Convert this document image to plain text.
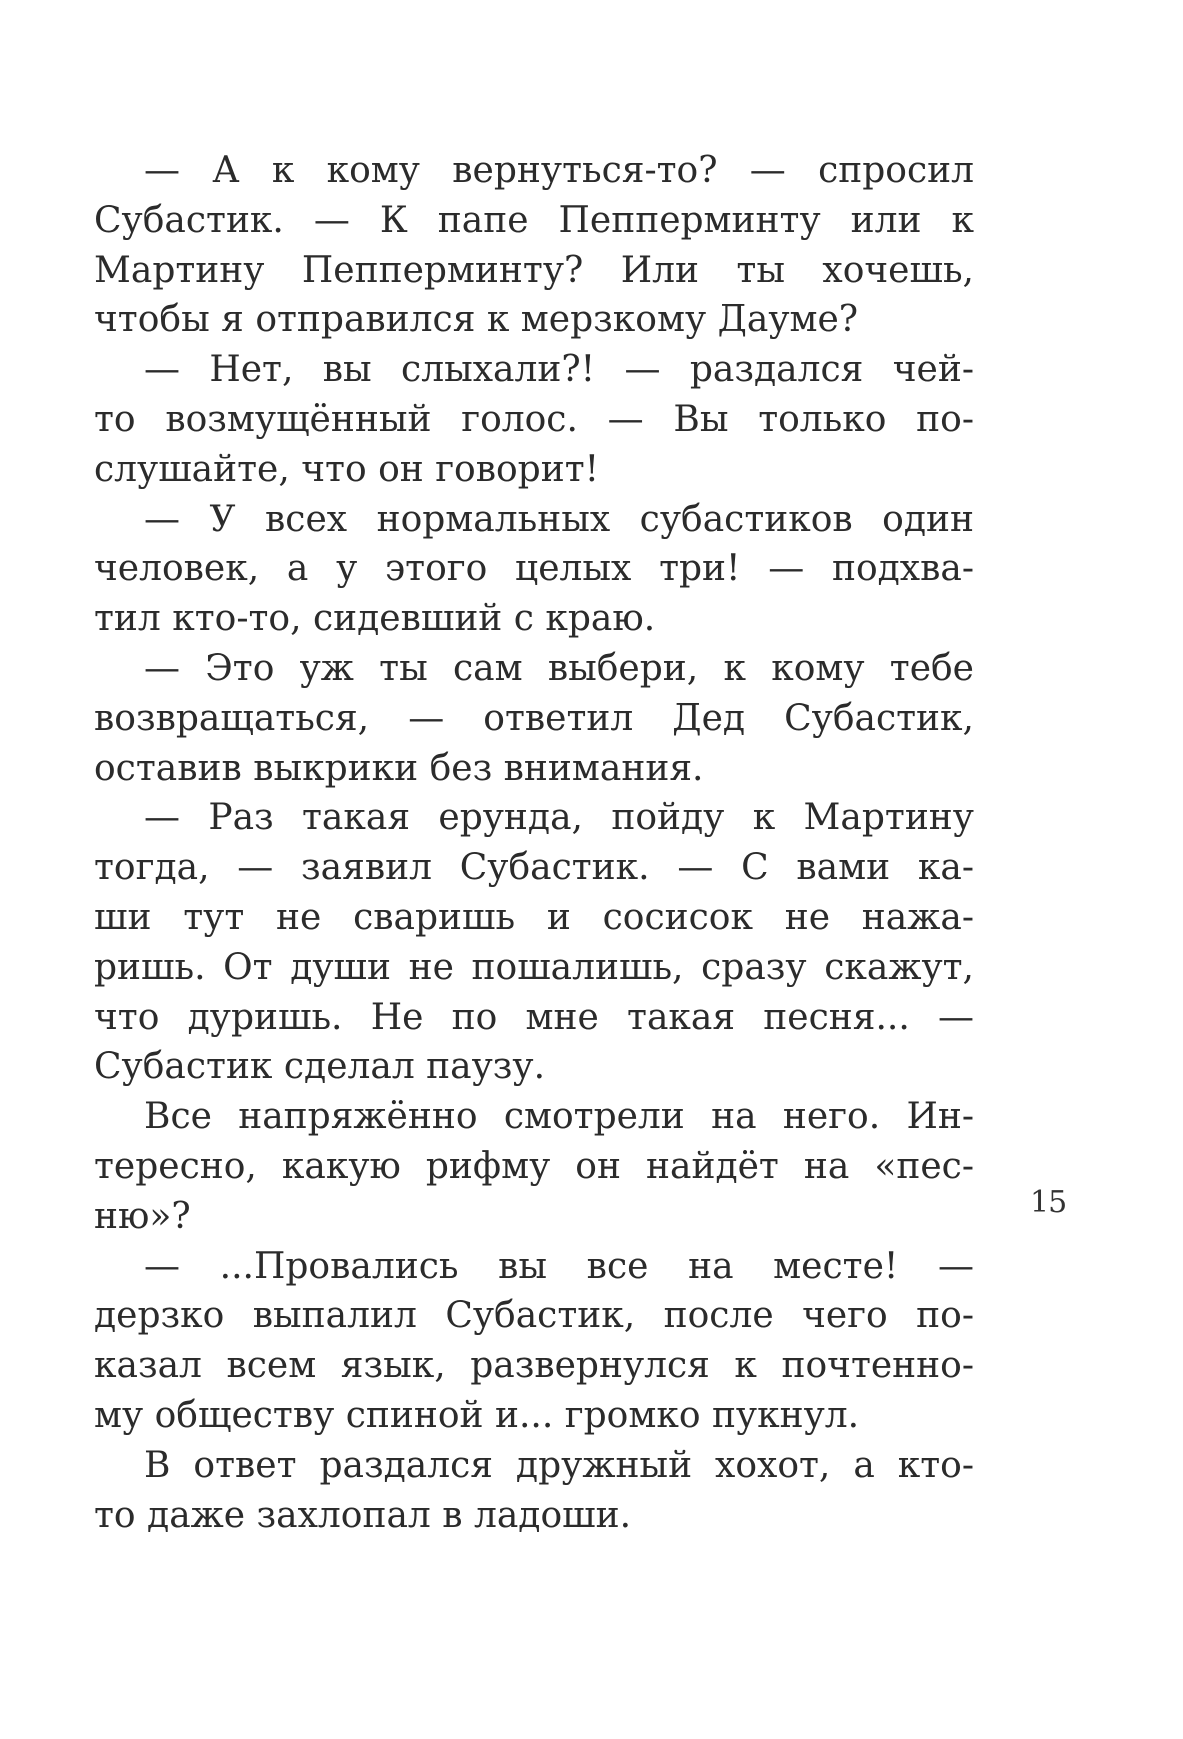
— А к кому вернуться-то? — спросил
Субастик. — К папе Пепперминту или к
Мартину Пепперминту? Или ты хочешь,
чтобы я отправился к мерзкому Дауме?
— Нет, вы слыхали?! — раздался чей-
то возмущённый голос. — Вы только по-
слушайте, что он говорит!
— У всех нормальных субастиков один
человек, а у этого целых три! — подхва-
тил кто-то, сидевший с краю.
— Это уж ты сам выбери, к кому тебе
возвращаться, — ответил Дед Субастик,
оставив выкрики без внимания.
— Раз такая ерунда, пойду к Мартину
тогда, — заявил Субастик. — С вами ка-
ши тут не сваришь и сосисок не нажа-
ришь. От души не пошалишь, сразу скажут,
что дуришь. Не по мне такая песня... —
Субастик сделал паузу.
Все напряжённо смотрели на него. Ин-
тересно, какую рифму он найдёт на «пес-
ню»?
— ...Провались вы все на месте! —
дерзко выпалил Субастик, после чего по-
казал всем язык, развернулся к почтенно-
му обществу спиной и... громко пукнул.
В ответ раздался дружный хохот, а кто-
то даже захлопал в ладоши.
15
